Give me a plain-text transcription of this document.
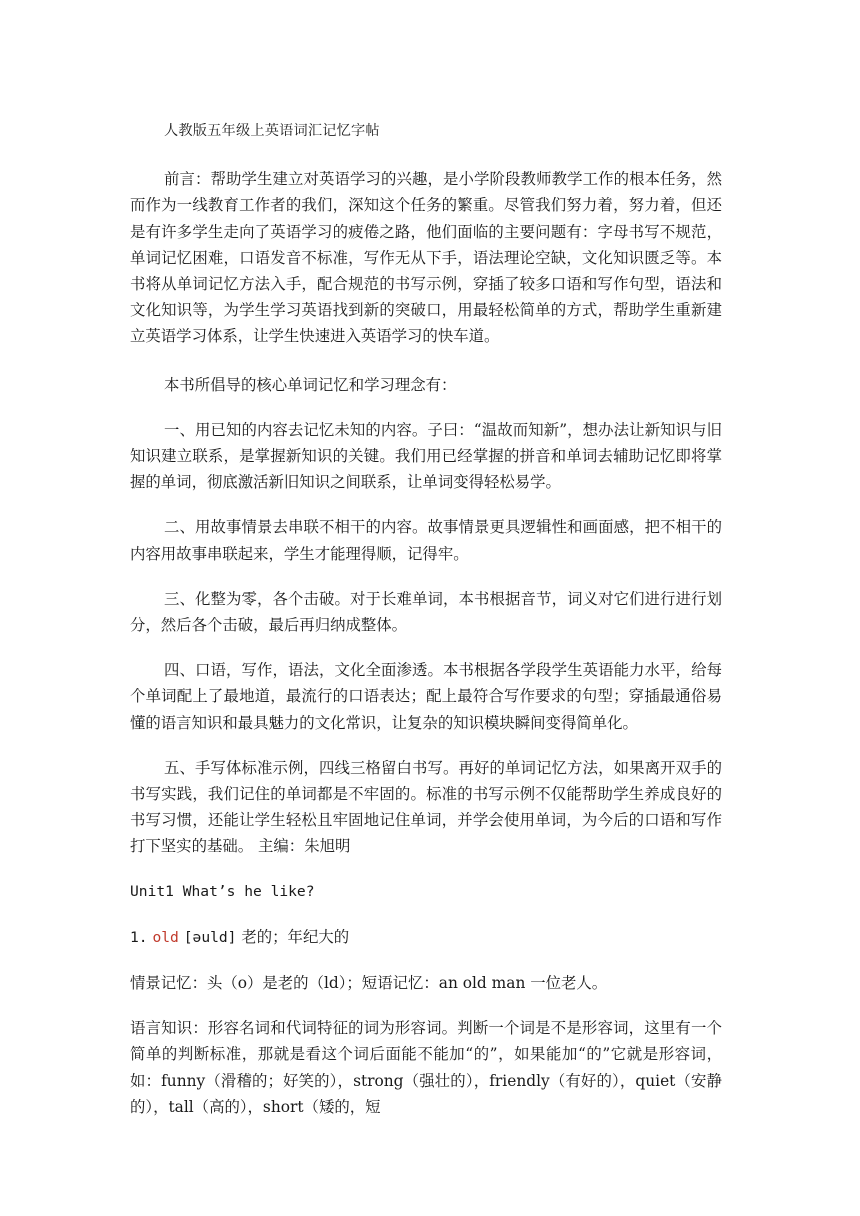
人教版五年级上英语词汇记忆字帖

前言：帮助学生建立对英语学习的兴趣，是小学阶段教师教学工作的根本任务，然而作为一线教育工作者的我们，深知这个任务的繁重。尽管我们努力着，努力着，但还是有许多学生走向了英语学习的疲倦之路，他们面临的主要问题有：字母书写不规范，单词记忆困难，口语发音不标准，写作无从下手，语法理论空缺，文化知识匮乏等。本书将从单词记忆方法入手，配合规范的书写示例，穿插了较多口语和写作句型，语法和文化知识等，为学生学习英语找到新的突破口，用最轻松简单的方式，帮助学生重新建立英语学习体系，让学生快速进入英语学习的快车道。

本书所倡导的核心单词记忆和学习理念有：

一、用已知的内容去记忆未知的内容。子曰：“温故而知新”，想办法让新知识与旧知识建立联系，是掌握新知识的关键。我们用已经掌握的拼音和单词去辅助记忆即将掌握的单词，彻底激活新旧知识之间联系，让单词变得轻松易学。

二、用故事情景去串联不相干的内容。故事情景更具逻辑性和画面感，把不相干的内容用故事串联起来，学生才能理得顺，记得牢。

三、化整为零，各个击破。对于长难单词，本书根据音节，词义对它们进行进行划分，然后各个击破，最后再归纳成整体。

四、口语，写作，语法，文化全面渗透。本书根据各学段学生英语能力水平，给每个单词配上了最地道，最流行的口语表达；配上最符合写作要求的句型；穿插最通俗易懂的语言知识和最具魅力的文化常识，让复杂的知识模块瞬间变得简单化。

五、手写体标准示例，四线三格留白书写。再好的单词记忆方法，如果离开双手的书写实践，我们记住的单词都是不牢固的。标准的书写示例不仅能帮助学生养成良好的书写习惯，还能让学生轻松且牢固地记住单词，并学会使用单词，为今后的口语和写作打下坚实的基础。 主编：朱旭明

Unit1 What’s he like?

1. old [əuld] 老的；年纪大的

情景记忆：头（o）是老的（ld）；短语记忆：an old man 一位老人。

语言知识：形容名词和代词特征的词为形容词。判断一个词是不是形容词，这里有一个简单的判断标准，那就是看这个词后面能不能加“的”，如果能加“的”它就是形容词，如：funny（滑稽的；好笑的），strong（强壮的），friendly（有好的），quiet（安静的），tall（高的），short（矮的，短
